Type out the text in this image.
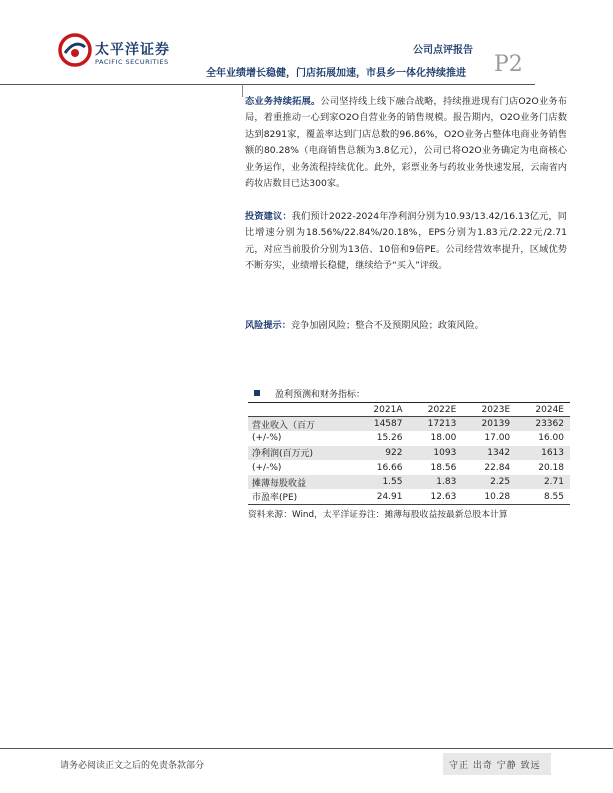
太平洋证券
PACIFIC SECURITIES
公司点评报告
全年业绩增长稳健，门店拓展加速，市县乡一体化持续推进 P2
态业务持续拓展。公司坚持线上线下融合战略，持续推进现有门店O2O业务布局，着重推动一心到家O2O自营业务的销售规模。报告期内，O2O业务门店数达到8291家，覆盖率达到门店总数的96.86%，O2O业务占整体电商业务销售额的80.28%（电商销售总额为3.8亿元），公司已将O2O业务确定为电商核心业务运作，业务流程持续优化。此外，彩票业务与药妆业务快速发展，云南省内药妆店数目已达300家。
投资建议：我们预计2022-2024年净利润分别为10.93/13.42/16.13亿元，同比增速分别为18.56%/22.84%/20.18%，EPS分别为1.83元/2.22元/2.71元，对应当前股价分别为13倍、10倍和9倍PE。公司经营效率提升，区域优势不断夯实，业绩增长稳健，继续给予“买入”评级。
风险提示：竞争加剧风险；整合不及预期风险；政策风险。
盈利预测和财务指标：
	2021A	2022E	2023E	2024E
营业收入（百万	14587	17213	20139	23362
(+/-%)	15.26	18.00	17.00	16.00
净利润(百万元)	922	1093	1342	1613
(+/-%)	16.66	18.56	22.84	20.18
摊薄每股收益	1.55	1.83	2.25	2.71
市盈率(PE)	24.91	12.63	10.28	8.55
资料来源：Wind，太平洋证券注：摊薄每股收益按最新总股本计算
请务必阅读正文之后的免责条款部分	守正 出奇 宁静 致远
